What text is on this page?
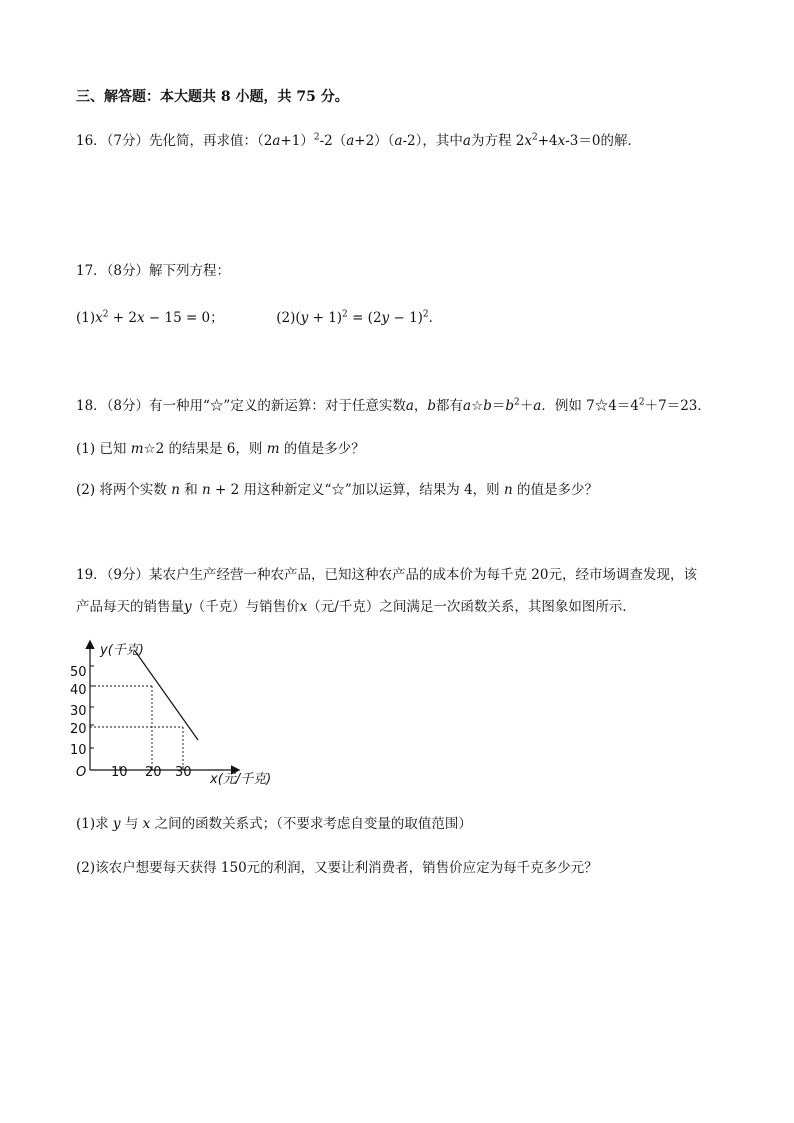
三、解答题：本大题共 8 小题，共 75 分。
16．（7分）先化简，再求值：$(2a+1)^2-2(a+2)(a-2)$，其中a为方程 $2x^2+4x-3=0$的解．
17．（8分）解下列方程：
$(1)x^2 + 2x - 15 = 0$；	$(2)(y + 1)^2 = (2y - 1)^2$．
18．（8分）有一种用“☆”定义的新运算：对于任意实数a，b都有$a☆b=b^2+a$．例如 $7☆4=4^2+7=23$．
(1) 已知 m☆2 的结果是 6，则 m 的值是多少？
(2) 将两个实数 n 和 n + 2 用这种新定义“☆”加以运算，结果为 4，则 n 的值是多少？
19．（9分）某农户生产经营一种农产品，已知这种农产品的成本价为每千克 20元，经市场调查发现，该
产品每天的销售量y（千克）与销售价x（元/千克）之间满足一次函数关系，其图象如图所示．
y(千克)
50
40
30
20
10
O 10 20 30 x(元/千克)
(1)求 y 与 x 之间的函数关系式；（不要求考虑自变量的取值范围）
(2)该农户想要每天获得 150元的利润，又要让利消费者，销售价应定为每千克多少元？
